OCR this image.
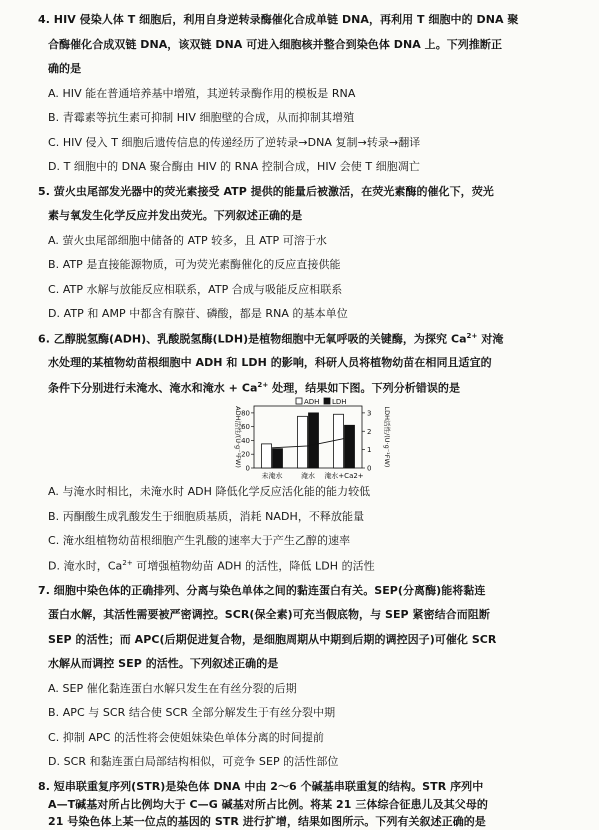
4. HIV 侵染人体 T 细胞后，利用自身逆转录酶催化合成单链 DNA，再利用 T 细胞中的 DNA 聚
合酶催化合成双链 DNA，该双链 DNA 可进入细胞核并整合到染色体 DNA 上。下列推断正
确的是
A. HIV 能在普通培养基中增殖，其逆转录酶作用的模板是 RNA
B. 青霉素等抗生素可抑制 HIV 细胞壁的合成，从而抑制其增殖
C. HIV 侵入 T 细胞后遗传信息的传递经历了逆转录→DNA 复制→转录→翻译
D. T 细胞中的 DNA 聚合酶由 HIV 的 RNA 控制合成，HIV 会使 T 细胞凋亡
5. 萤火虫尾部发光器中的荧光素接受 ATP 提供的能量后被激活，在荧光素酶的催化下，荧光
素与氧发生化学反应并发出荧光。下列叙述正确的是
A. 萤火虫尾部细胞中储备的 ATP 较多，且 ATP 可溶于水
B. ATP 是直接能源物质，可为荧光素酶催化的反应直接供能
C. ATP 水解与放能反应相联系，ATP 合成与吸能反应相联系
D. ATP 和 AMP 中都含有腺苷、磷酸，都是 RNA 的基本单位
6. 乙醇脱氢酶(ADH)、乳酸脱氢酶(LDH)是植物细胞中无氧呼吸的关键酶，为探究 $Ca^{2+}$ 对淹
水处理的某植物幼苗根细胞中 ADH 和 LDH 的影响，科研人员将植物幼苗在相同且适宜的
条件下分别进行未淹水、淹水和淹水 + $Ca^{2+}$ 处理，结果如下图。下列分析错误的是
0
20
40
60
80
0
1
2
3
ADH活性/(U·g⁻¹FW)	LDH活性/(U·g⁻¹FW)
未淹水	淹水 淹水+Ca2+
ADH LDH
A. 与淹水时相比，未淹水时 ADH 降低化学反应活化能的能力较低
B. 丙酮酸生成乳酸发生于细胞质基质，消耗 NADH，不释放能量
C. 淹水组植物幼苗根细胞产生乳酸的速率大于产生乙醇的速率
D. 淹水时，$Ca^{2+}$ 可增强植物幼苗 ADH 的活性，降低 LDH 的活性
7. 细胞中染色体的正确排列、分离与染色单体之间的黏连蛋白有关。SEP(分离酶)能将黏连
蛋白水解，其活性需要被严密调控。SCR(保全素)可充当假底物，与 SEP 紧密结合而阻断
SEP 的活性；而 APC(后期促进复合物，是细胞周期从中期到后期的调控因子)可催化 SCR
水解从而调控 SEP 的活性。下列叙述正确的是
A. SEP 催化黏连蛋白水解只发生在有丝分裂的后期
B. APC 与 SCR 结合使 SCR 全部分解发生于有丝分裂中期
C. 抑制 APC 的活性将会使姐妹染色单体分离的时间提前
D. SCR 和黏连蛋白局部结构相似，可竞争 SEP 的活性部位
8. 短串联重复序列(STR)是染色体 DNA 中由 2～6 个碱基串联重复的结构。STR 序列中
A—T碱基对所占比例均大于 C—G 碱基对所占比例。将某 21 三体综合征患儿及其父母的
21 号染色体上某一位点的基因的 STR 进行扩增，结果如图所示。下列有关叙述正确的是
